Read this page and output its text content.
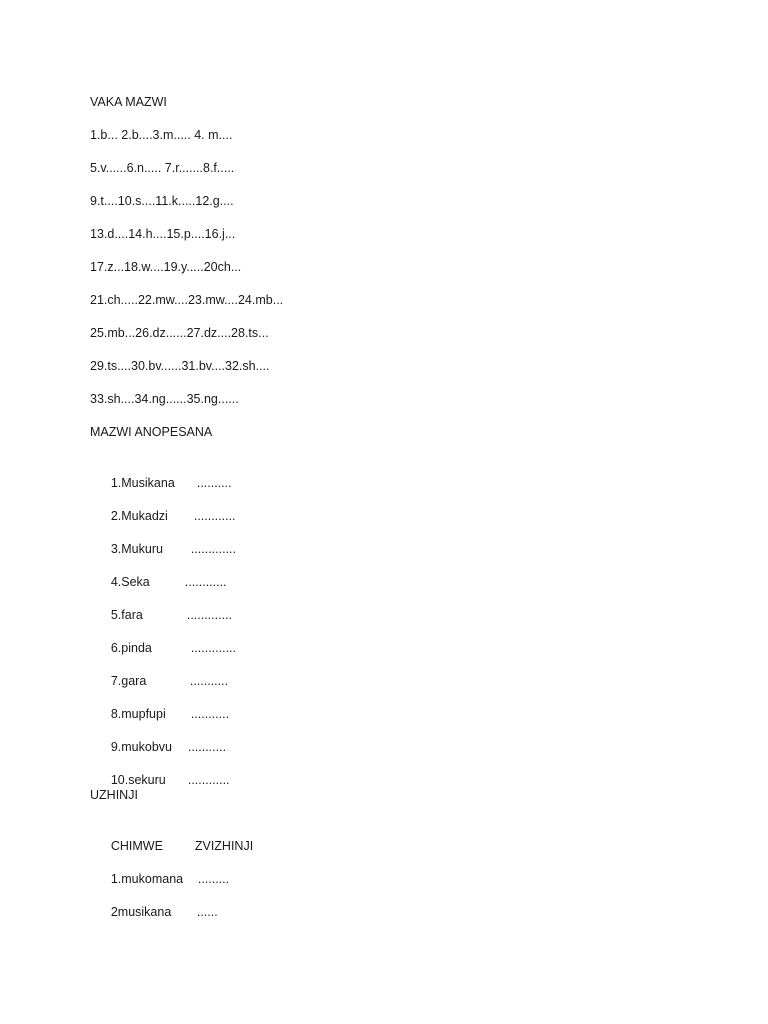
VAKA MAZWI
1.b... 2.b....3.m..... 4. m....
5.v......6.n..... 7.r.......8.f.....
9.t....10.s....11.k.....12.g....
13.d....14.h....15.p....16.j...
17.z...18.w....19.y.....20ch...
21.ch.....22.mw....23.mw....24.mb...
25.mb...26.dz......27.dz....28.ts...
29.ts....30.bv......31.bv....32.sh....
33.sh....34.ng......35.ng......
MAZWI ANOPESANA

1.Musikana ..........

2.Mukadzi ............

3.Mukuru .............

4.Seka	............

5.fara	.............

6.pinda	.............

7.gara	...........

8.mupfupi ...........

9.mukobvu ...........

10.sekuru ............

UZHINJI

CHIMWE	ZVIZHINJI

1.mukomana .........

2musikana ......
